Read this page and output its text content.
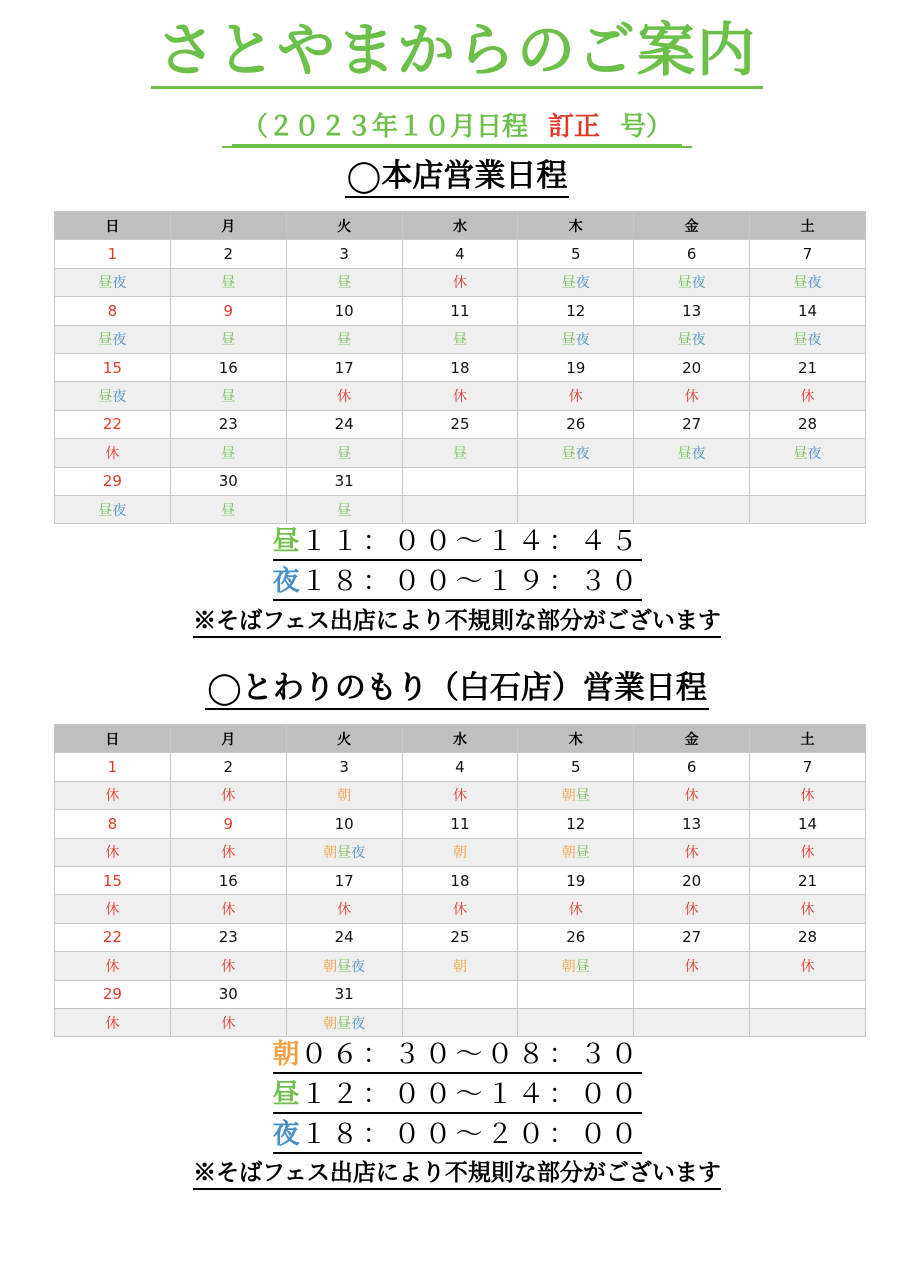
さとやまからのご案内
（２０２３年１０月日程 訂正 号）
◯本店営業日程
日	月	火	水	木	金	土
1	2	3	4	5	6	7
昼夜	昼	昼	休	昼夜	昼夜	昼夜
8	9	10	11	12	13	14
昼夜	昼	昼	昼	昼夜	昼夜	昼夜
15	16	17	18	19	20	21
昼夜	昼	休	休	休	休	休
22	23	24	25	26	27	28
休	昼	昼	昼	昼夜	昼夜	昼夜
29	30	31				
昼夜	昼	昼				
昼１１：００～１４：４５
夜１８：００～１９：３０
※そばフェス出店により不規則な部分がございます
◯とわりのもり（白石店）営業日程
日	月	火	水	木	金	土
1	2	3	4	5	6	7
休	休	朝	休	朝昼	休	休
8	9	10	11	12	13	14
休	休	朝昼夜	朝	朝昼	休	休
15	16	17	18	19	20	21
休	休	休	休	休	休	休
22	23	24	25	26	27	28
休	休	朝昼夜	朝	朝昼	休	休
29	30	31				
休	休	朝昼夜				
朝０６：３０～０８：３０
昼１２：００～１４：００
夜１８：００～２０：００
※そばフェス出店により不規則な部分がございます
